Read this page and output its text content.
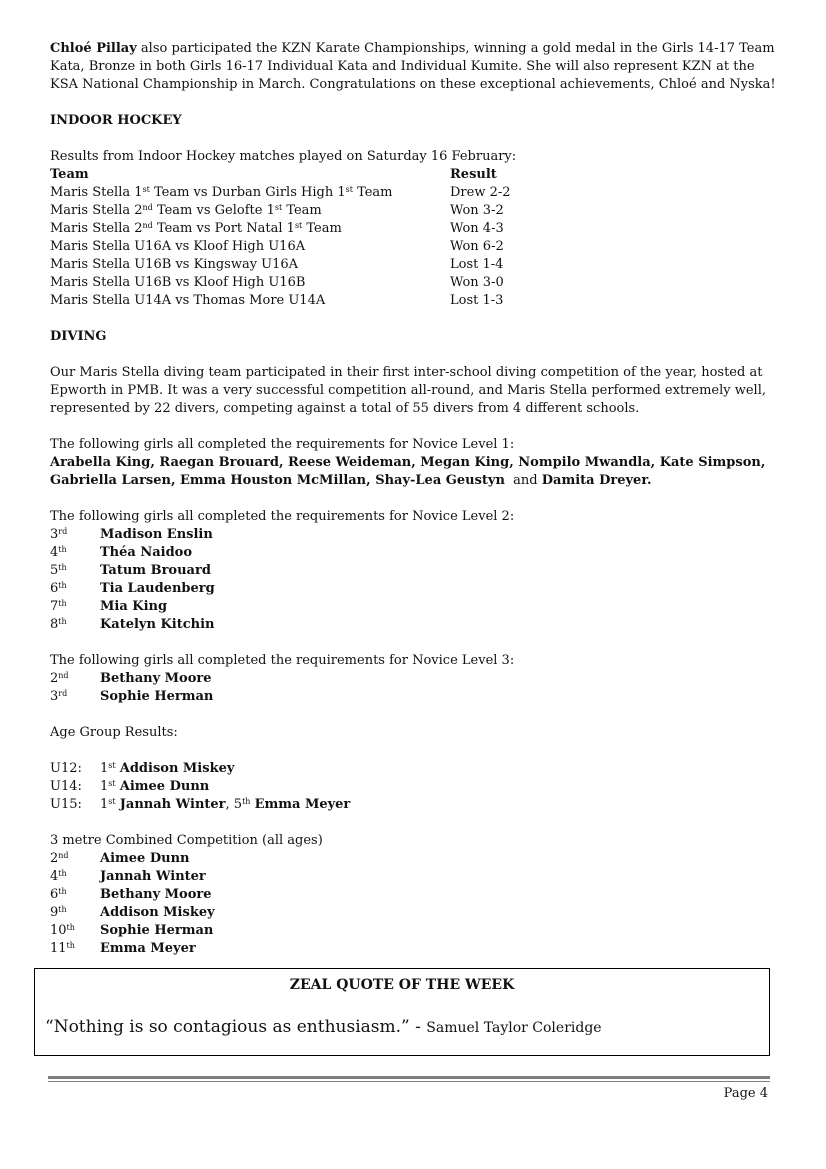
Chloé Pillay also participated the KZN Karate Championships, winning a gold medal in the Girls 14-17 Team Kata, Bronze in both Girls 16-17 Individual Kata and Individual Kumite. She will also represent KZN at the KSA National Championship in March. Congratulations on these exceptional achievements, Chloé and Nyska!

INDOOR HOCKEY

Results from Indoor Hockey matches played on Saturday 16 February:

Team	Result
Maris Stella 1st Team vs Durban Girls High 1st Team	Drew 2-2
Maris Stella 2nd Team vs Gelofte 1st Team	Won 3-2
Maris Stella 2nd Team vs Port Natal 1st Team	Won 4-3
Maris Stella U16A vs Kloof High U16A	Won 6-2
Maris Stella U16B vs Kingsway U16A	Lost 1-4
Maris Stella U16B vs Kloof High U16B	Won 3-0
Maris Stella U14A vs Thomas More U14A	Lost 1-3

DIVING

Our Maris Stella diving team participated in their first inter-school diving competition of the year, hosted at Epworth in PMB. It was a very successful competition all-round, and Maris Stella performed extremely well, represented by 22 divers, competing against a total of 55 divers from 4 different schools.

The following girls all completed the requirements for Novice Level 1:

Arabella King, Raegan Brouard, Reese Weideman, Megan King, Nompilo Mwandla, Kate Simpson, Gabriella Larsen, Emma Houston McMillan, Shay-Lea Geustyn  and Damita Dreyer.

The following girls all completed the requirements for Novice Level 2:

3rd	Madison Enslin
4th	Théa Naidoo
5th	Tatum Brouard
6th	Tia Laudenberg
7th	Mia King
8th	Katelyn Kitchin

The following girls all completed the requirements for Novice Level 3:

2nd	Bethany Moore
3rd	Sophie Herman

Age Group Results:

U12:	1st Addison Miskey
U14:	1st Aimee Dunn
U15:	1st Jannah Winter, 5th Emma Meyer

3 metre Combined Competition (all ages)

2nd	Aimee Dunn
4th	Jannah Winter
6th	Bethany Moore
9th	Addison Miskey
10th	Sophie Herman
11th	Emma Meyer
ZEAL QUOTE OF THE WEEK
“Nothing is so contagious as enthusiasm.” - Samuel Taylor Coleridge
Page 4
